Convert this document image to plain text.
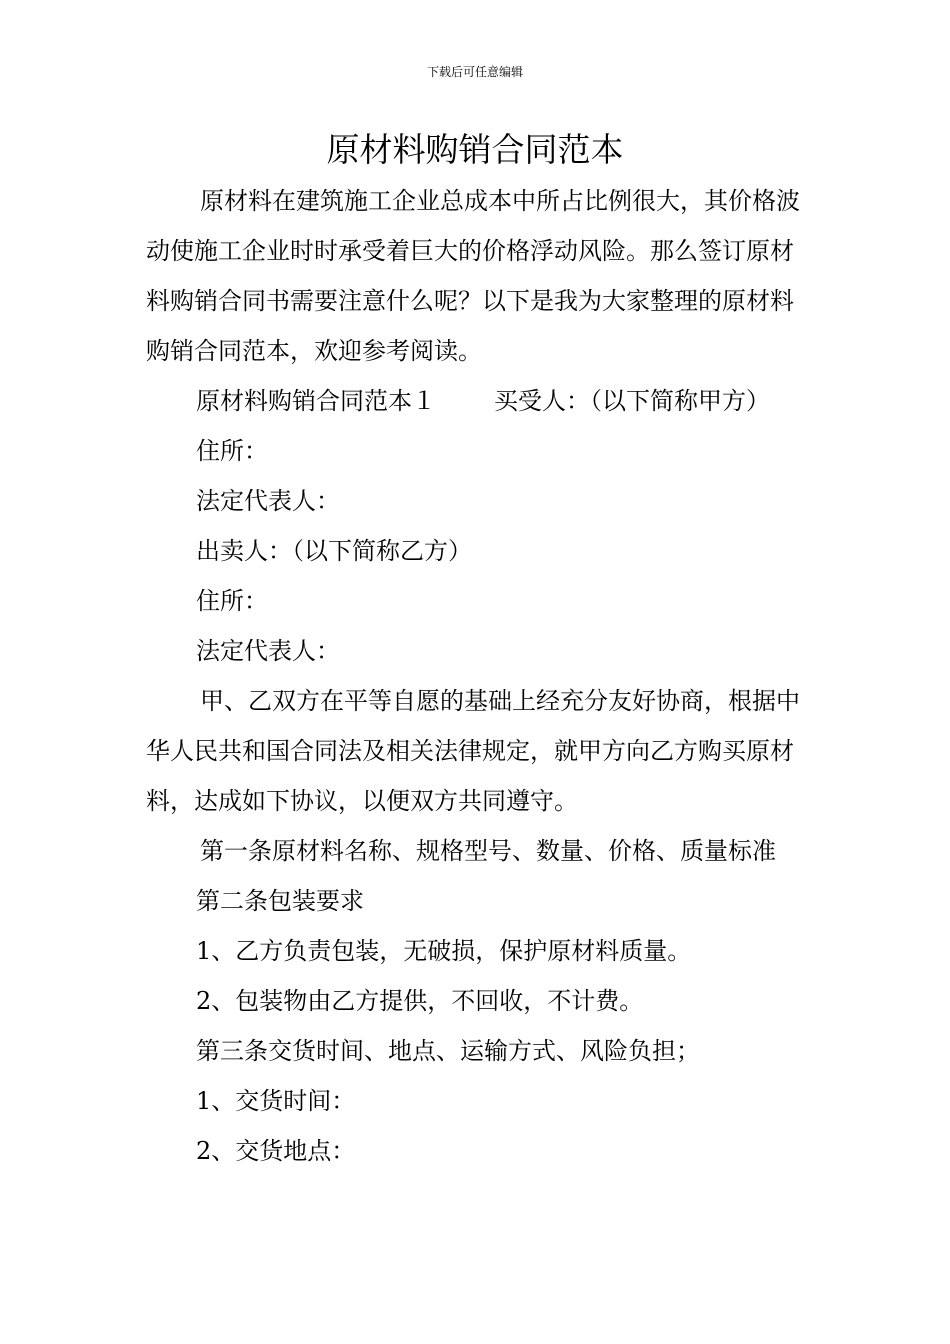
下载后可任意编辑
原材料购销合同范本

原材料在建筑施工企业总成本中所占比例很大，其价格波动使施工企业时时承受着巨大的价格浮动风险。那么签订原材料购销合同书需要注意什么呢？以下是我为大家整理的原材料购销合同范本，欢迎参考阅读。

原材料购销合同范本１ 买受人：（以下简称甲方）

住所：

法定代表人：

出卖人：（以下简称乙方）

住所：

法定代表人：

甲、乙双方在平等自愿的基础上经充分友好协商，根据中华人民共和国合同法及相关法律规定，就甲方向乙方购买原材料，达成如下协议，以便双方共同遵守。

第一条原材料名称、规格型号、数量、价格、质量标准

第二条包装要求

1、乙方负责包装，无破损，保护原材料质量。

2、包装物由乙方提供，不回收，不计费。

第三条交货时间、地点、运输方式、风险负担；

1、交货时间：

2、交货地点：
